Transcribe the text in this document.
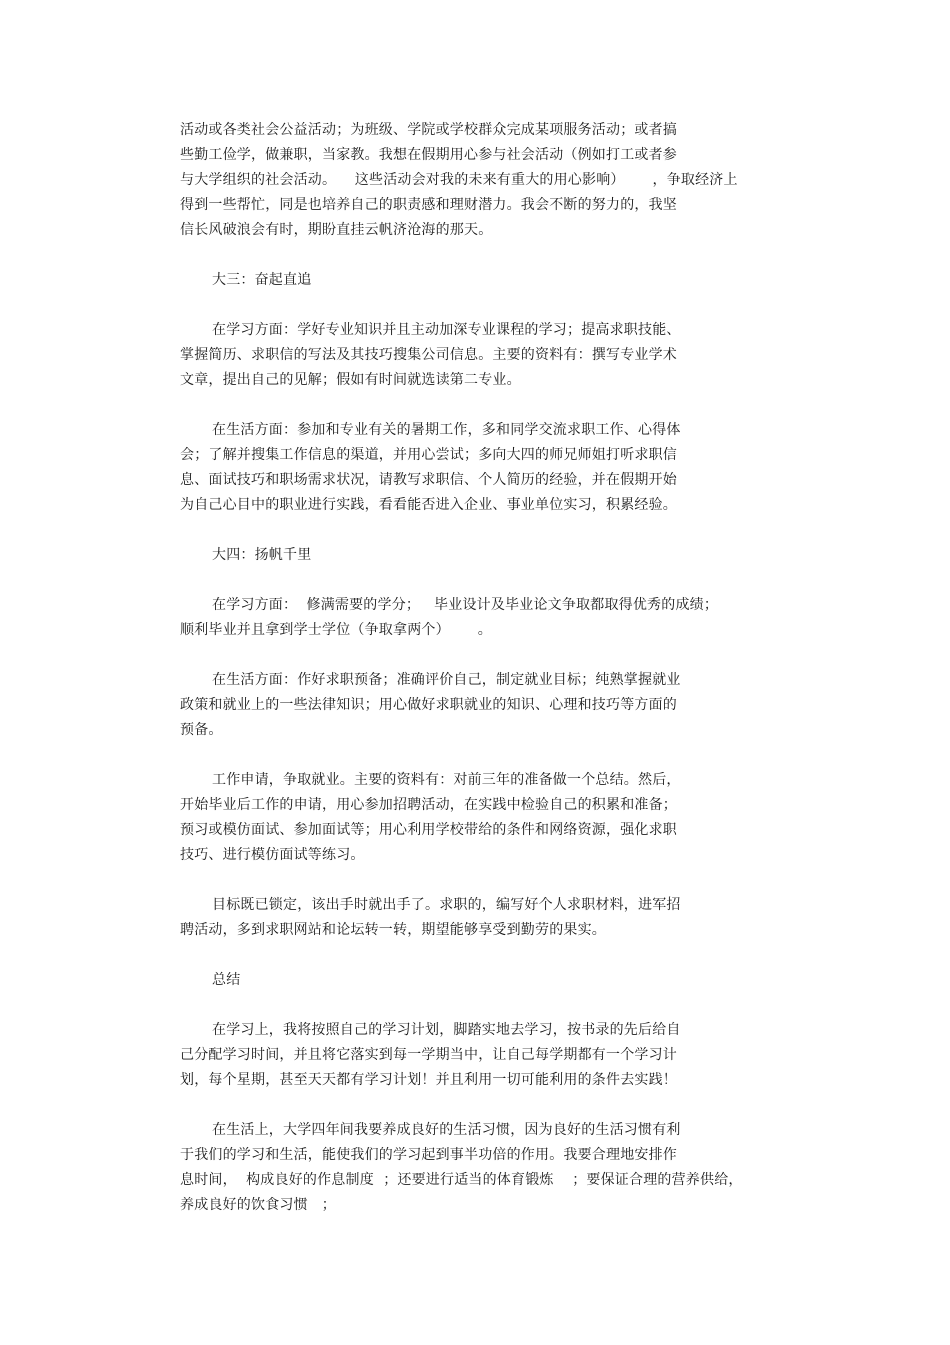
活动或各类社会公益活动；为班级、学院或学校群众完成某项服务活动；或者搞
些勤工俭学，做兼职，当家教。我想在假期用心参与社会活动（例如打工或者参
与大学组织的社会活动。    这些活动会对我的未来有重大的用心影响）      ，争取经济上
得到一些帮忙，同是也培养自己的职责感和理财潜力。我会不断的努力的，我坚
信长风破浪会有时，期盼直挂云帆济沧海的那天。
大三：奋起直追
在学习方面：学好专业知识并且主动加深专业课程的学习；提高求职技能、
掌握简历、求职信的写法及其技巧搜集公司信息。主要的资料有：撰写专业学术
文章，提出自己的见解；假如有时间就选读第二专业。
在生活方面：参加和专业有关的暑期工作，多和同学交流求职工作、心得体
会；了解并搜集工作信息的渠道，并用心尝试；多向大四的师兄师姐打听求职信
息、面试技巧和职场需求状况，请教写求职信、个人简历的经验，并在假期开始
为自己心目中的职业进行实践，看看能否进入企业、事业单位实习，积累经验。
大四：扬帆千里
在学习方面：  修满需要的学分；   毕业设计及毕业论文争取都取得优秀的成绩；
顺利毕业并且拿到学士学位（争取拿两个）      。
在生活方面：作好求职预备；准确评价自己，制定就业目标；纯熟掌握就业
政策和就业上的一些法律知识；用心做好求职就业的知识、心理和技巧等方面的
预备。
工作申请，争取就业。主要的资料有：对前三年的准备做一个总结。然后，
开始毕业后工作的申请，用心参加招聘活动，在实践中检验自己的积累和准备；
预习或模仿面试、参加面试等；用心利用学校带给的条件和网络资源，强化求职
技巧、进行模仿面试等练习。
目标既已锁定，该出手时就出手了。求职的，编写好个人求职材料，进军招
聘活动，多到求职网站和论坛转一转，期望能够享受到勤劳的果实。
总结
在学习上，我将按照自己的学习计划，脚踏实地去学习，按书录的先后给自
己分配学习时间，并且将它落实到每一学期当中，让自己每学期都有一个学习计
划，每个星期，甚至天天都有学习计划！并且利用一切可能利用的条件去实践！
在生活上，大学四年间我要养成良好的生活习惯，因为良好的生活习惯有利
于我们的学习和生活，能使我们的学习起到事半功倍的作用。我要合理地安排作
息时间，  构成良好的作息制度  ；还要进行适当的体育锻炼    ；要保证合理的营养供给，
养成良好的饮食习惯   ；
